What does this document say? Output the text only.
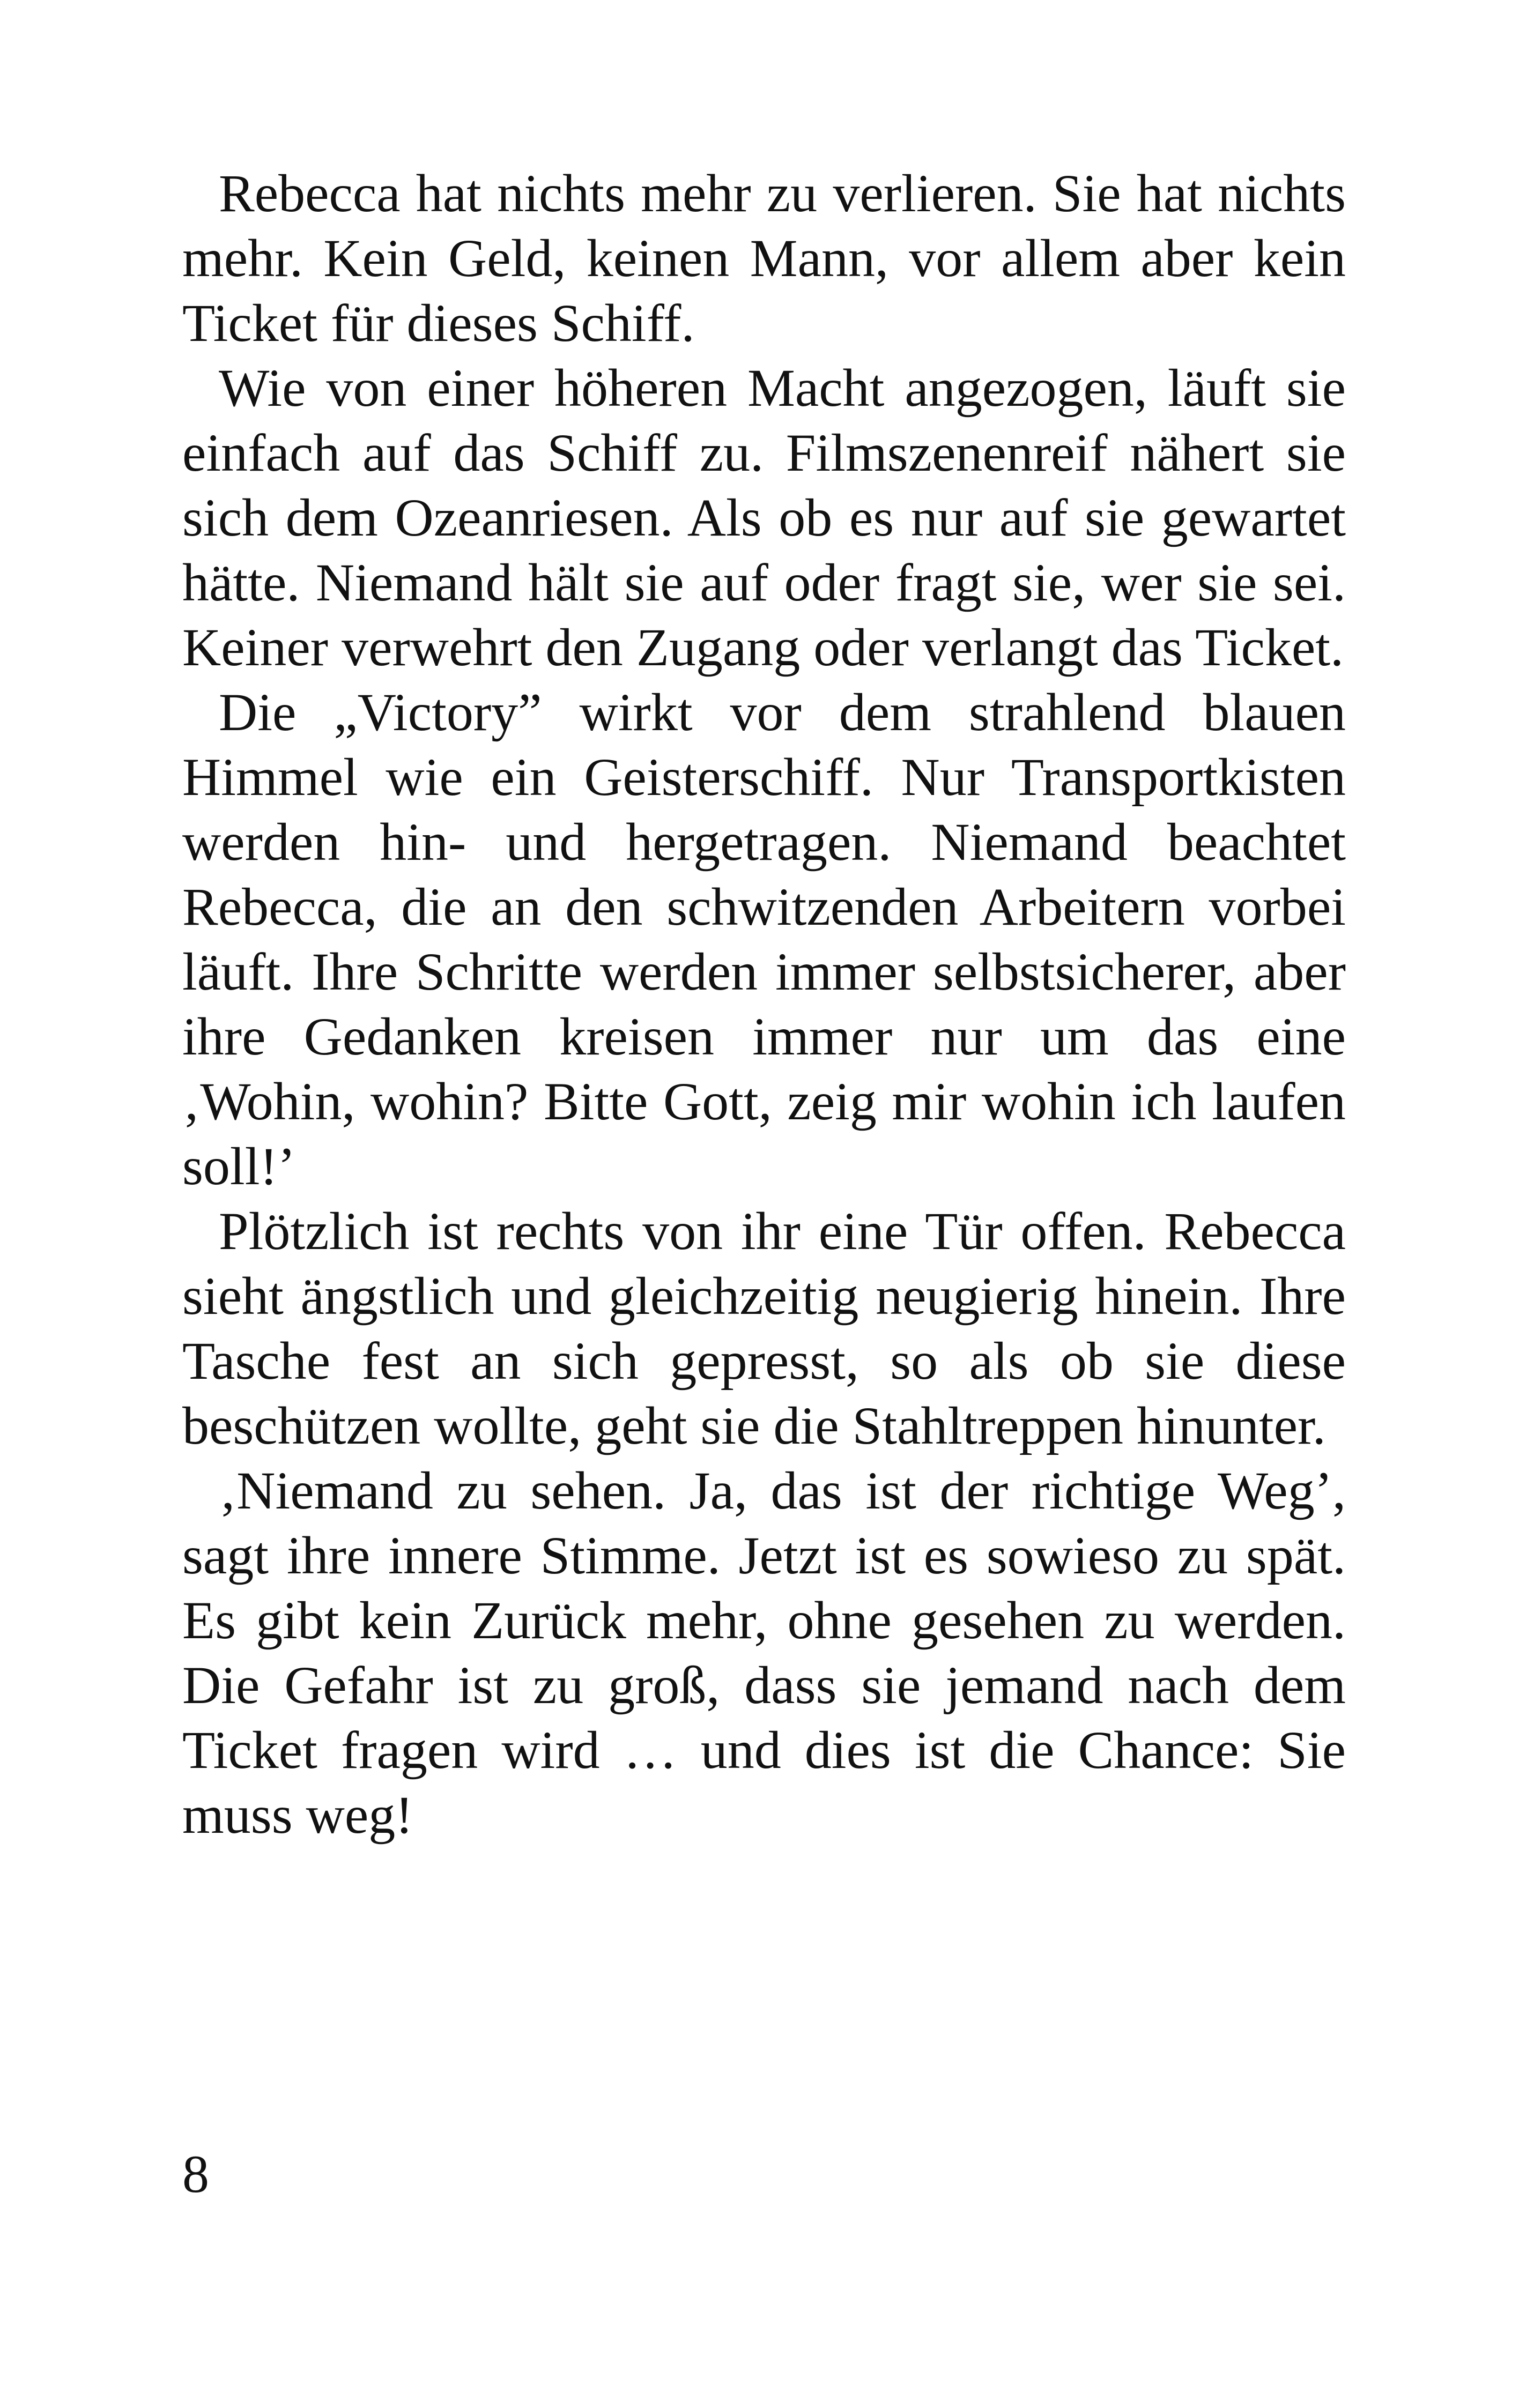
Rebecca hat nichts mehr zu verlieren. Sie hat nichts mehr. Kein Geld, keinen Mann, vor allem aber kein Ticket für dieses Schiff.

Wie von einer höheren Macht angezogen, läuft sie einfach auf das Schiff zu. Filmszenenreif nähert sie sich dem Ozeanriesen. Als ob es nur auf sie gewartet hätte. Niemand hält sie auf oder fragt sie, wer sie sei. Keiner verwehrt den Zugang oder verlangt das Ticket.

Die „Victory” wirkt vor dem strahlend blauen Himmel wie ein Geisterschiff. Nur Transportkisten werden hin- und hergetragen. Niemand beachtet Rebecca, die an den schwitzenden Arbeitern vorbei läuft. Ihre Schritte werden immer selbstsicherer, aber ihre Gedanken kreisen immer nur um das eine ‚Wohin, wohin? Bitte Gott, zeig mir wohin ich laufen soll!’

Plötzlich ist rechts von ihr eine Tür offen. Rebecca sieht ängstlich und gleichzeitig neugierig hinein. Ihre Tasche fest an sich gepresst, so als ob sie diese beschützen wollte, geht sie die Stahltreppen hinunter.

‚Niemand zu sehen. Ja, das ist der richtige Weg’, sagt ihre innere Stimme. Jetzt ist es sowieso zu spät. Es gibt kein Zurück mehr, ohne gesehen zu werden. Die Gefahr ist zu groß, dass sie jemand nach dem Ticket fragen wird … und dies ist die Chance: Sie muss weg!

8
